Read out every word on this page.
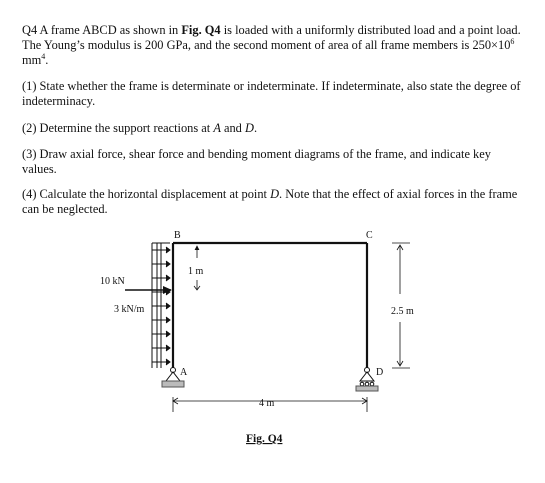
Q4 A frame ABCD as shown in Fig. Q4 is loaded with a uniformly distributed load and a point load. The Young’s modulus is 200 GPa, and the second moment of area of all frame members is $250\times 10^6$ $mm^4$.

(1) State whether the frame is determinate or indeterminate. If indeterminate, also state the degree of indeterminacy.

(2) Determine the support reactions at A and D.

(3) Draw axial force, shear force and bending moment diagrams of the frame, and indicate key values.

(4) Calculate the horizontal displacement at point D. Note that the effect of axial forces in the frame can be neglected.

B	C
A	D
10 kN
3 kN/m
1 m
2.5 m
4 m
Fig. Q4
